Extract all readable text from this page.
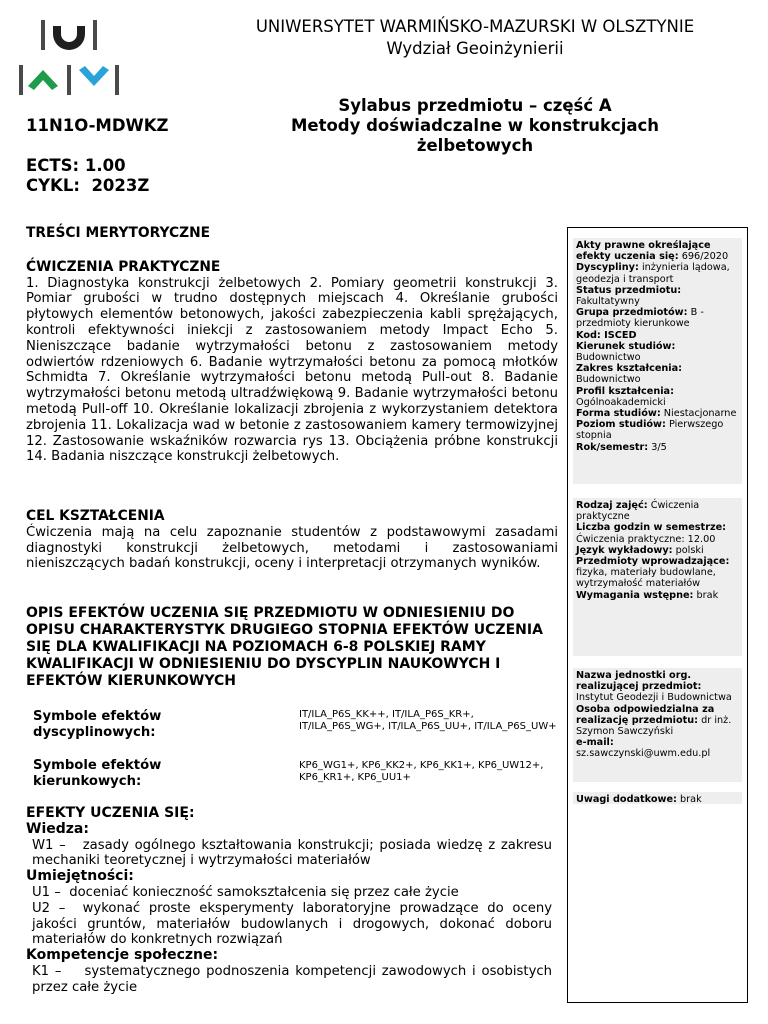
UNIWERSYTET WARMIŃSKO-MAZURSKI W OLSZTYNIE
Wydział Geoinżynierii
Sylabus przedmiotu – część A
Metody doświadczalne w konstrukcjach
żelbetowych
11N1O-MDWKZ
ECTS: 1.00
CYKL:  2023Z
TREŚCI MERYTORYCZNE
ĆWICZENIA PRAKTYCZNE
1. Diagnostyka konstrukcji żelbetowych 2. Pomiary geometrii konstrukcji 3. Pomiar grubości w trudno dostępnych miejscach 4. Określanie grubości płytowych elementów betonowych, jakości zabezpieczenia kabli sprężających, kontroli efektywności iniekcji z zastosowaniem metody Impact Echo 5. Nieniszczące badanie wytrzymałości betonu z zastosowaniem metody odwiertów rdzeniowych 6. Badanie wytrzymałości betonu za pomocą młotków Schmidta 7. Określanie wytrzymałości betonu metodą Pull-out 8. Badanie wytrzymałości betonu metodą ultradźwiękową 9. Badanie wytrzymałości betonu metodą Pull-off 10. Określanie lokalizacji zbrojenia z wykorzystaniem detektora zbrojenia 11. Lokalizacja wad w betonie z zastosowaniem kamery termowizyjnej 12. Zastosowanie wskaźników rozwarcia rys 13. Obciążenia próbne konstrukcji 14. Badania niszczące konstrukcji żelbetowych.
CEL KSZTAŁCENIA
Ćwiczenia mają na celu zapoznanie studentów z podstawowymi zasadami diagnostyki konstrukcji żelbetowych, metodami i zastosowaniami nieniszczących badań konstrukcji, oceny i interpretacji otrzymanych wyników.
OPIS EFEKTÓW UCZENIA SIĘ PRZEDMIOTU W ODNIESIENIU DO OPISU CHARAKTERYSTYK DRUGIEGO STOPNIA EFEKTÓW UCZENIA SIĘ DLA KWALIFIKACJI NA POZIOMACH 6-8 POLSKIEJ RAMY KWALIFIKACJI W ODNIESIENIU DO DYSCYPLIN NAUKOWYCH I EFEKTÓW KIERUNKOWYCH
Symbole efektów dyscyplinowych:
IT/ILA_P6S_KK++, IT/ILA_P6S_KR+, IT/ILA_P6S_WG+, IT/ILA_P6S_UU+, IT/ILA_P6S_UW+
Symbole efektów kierunkowych:
KP6_WG1+, KP6_KK2+, KP6_KK1+, KP6_UW12+, KP6_KR1+, KP6_UU1+
EFEKTY UCZENIA SIĘ:
Wiedza:
W1 –   zasady ogólnego kształtowania konstrukcji; posiada wiedzę z zakresu mechaniki teoretycznej i wytrzymałości materiałów
Umiejętności:
U1 –  doceniać konieczność samokształcenia się przez całe życie
U2 –  wykonać proste eksperymenty laboratoryjne prowadzące do oceny jakości gruntów, materiałów budowlanych i drogowych, dokonać doboru materiałów do konkretnych rozwiązań
Kompetencje społeczne:
K1 –    systematycznego podnoszenia kompetencji zawodowych i osobistych przez całe życie
Akty prawne określające efekty uczenia się: 696/2020
Dyscypliny: inżynieria lądowa, geodezja i transport
Status przedmiotu: Fakultatywny
Grupa przedmiotów: B - przedmioty kierunkowe
Kod: ISCED
Kierunek studiów: Budownictwo
Zakres kształcenia: Budownictwo
Profil kształcenia: Ogólnoakademicki
Forma studiów: Niestacjonarne
Poziom studiów: Pierwszego stopnia
Rok/semestr: 3/5
Rodzaj zajęć: Ćwiczenia praktyczne
Liczba godzin w semestrze: Ćwiczenia praktyczne: 12.00
Język wykładowy: polski
Przedmioty wprowadzające: fizyka, materiały budowlane, wytrzymałość materiałów
Wymagania wstępne: brak
Nazwa jednostki org. realizującej przedmiot: Instytut Geodezji i Budownictwa
Osoba odpowiedzialna za realizację przedmiotu: dr inż. Szymon Sawczyński
e-mail: sz.sawczynski@uwm.edu.pl
Uwagi dodatkowe: brak
